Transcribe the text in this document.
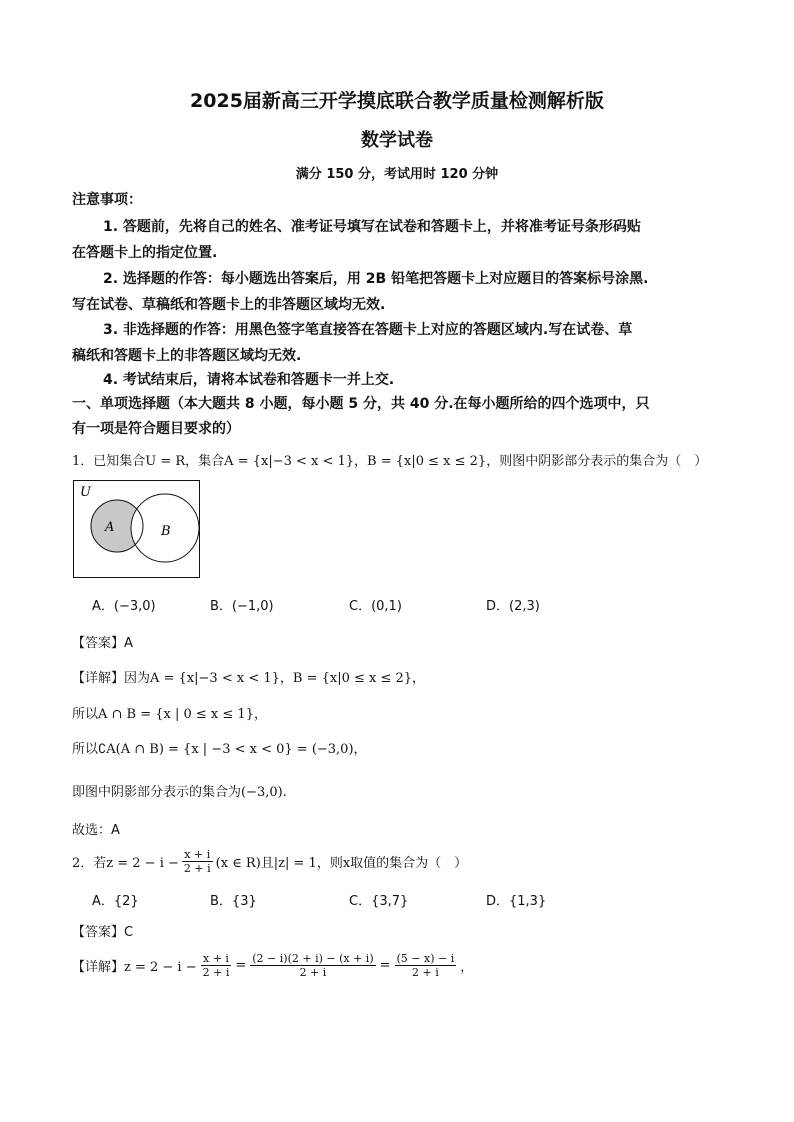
2025届新高三开学摸底联合教学质量检测解析版
数学试卷
满分 150 分，考试用时 120 分钟
注意事项：
1. 答题前，先将自己的姓名、准考证号填写在试卷和答题卡上，并将准考证号条形码贴
在答题卡上的指定位置.
2. 选择题的作答：每小题选出答案后，用 2B 铅笔把答题卡上对应题目的答案标号涂黑.
写在试卷、草稿纸和答题卡上的非答题区域均无效.
3. 非选择题的作答：用黑色签字笔直接答在答题卡上对应的答题区域内.写在试卷、草
稿纸和答题卡上的非答题区域均无效.
4. 考试结束后，请将本试卷和答题卡一并上交.
一、单项选择题（本大题共 8 小题，每小题 5 分，共 40 分.在每小题所给的四个选项中，只
有一项是符合题目要求的）
1．已知集合U = R，集合A = {x|−3 < x < 1}，B = {x|0 ≤ x ≤ 2}，则图中阴影部分表示的集合为（　）
U
A	B
A．(−3,0)	B．(−1,0)	C．(0,1)	D．(2,3)
【答案】A
【详解】因为A = {x|−3 < x < 1}，B = {x|0 ≤ x ≤ 2}，
所以A ∩ B = {x | 0 ≤ x ≤ 1}，
所以∁A(A ∩ B) = {x | −3 < x < 0} = (−3,0)，
即图中阴影部分表示的集合为(−3,0).
故选：A
2．若$z = 2 - i - \frac{x + i}{2 + i} (x$ ∈ R)且|z| = 1，则x取值的集合为（　）
A．{2}	B．{3}	C．{3,7}	D．{1,3}
【答案】C
【详解】$z = 2 - i - \frac{x + i}{2 + i} = \frac{(2 - i)(2 + i) - (x + i)}{2 + i} = \frac{(5 - x) - i}{2 + i}$ ，
